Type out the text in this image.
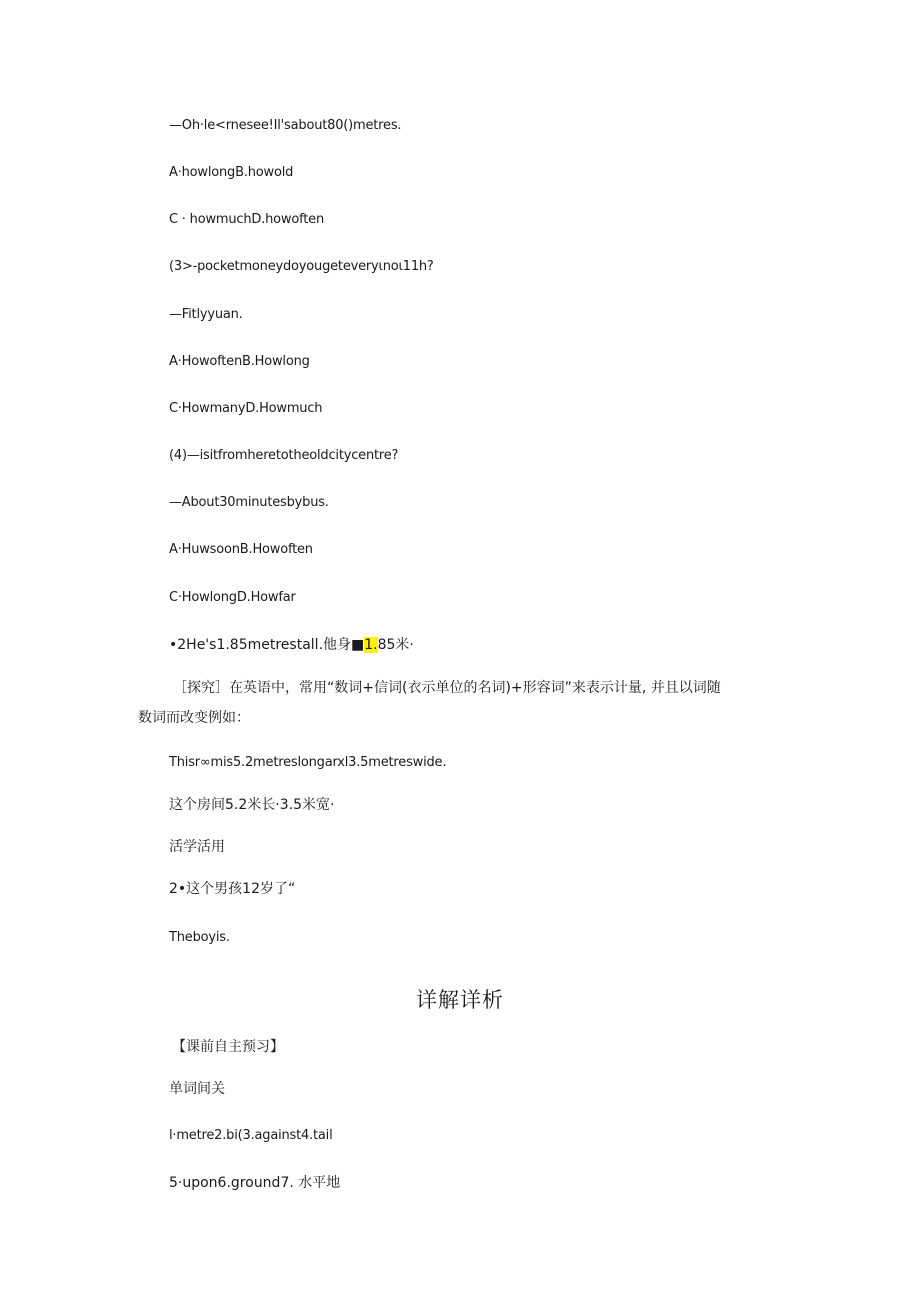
—Oh·le<rnesee!Il'sabout80()metres.
A·howlongB.howold
C · howmuchD.howoften
(3>-pocketmoneydoyougeteveryιnoι11h?
—Fitlyyuan.
A·HowoftenB.Howlong
C·HowmanyD.Howmuch
(4)—isitfromheretotheoldcitycentre?
—About30minutesbybus.
A·HuwsoonB.Howoften
C·HowlongD.Howfar
•2He's1.85metrestall.他身■1.85米·
［探究］在英语中，常用“数词+信词(衣示单位的名词)+形容词”来表示计量, 并且以词随
数词而改变例如：
Thisr∞mis5.2metreslongarxl3.5metreswide.
这个房间5.2米长·3.5米宽·
活学活用
2•这个男孩12岁了“
Theboyis.
详解详析
【课前自主预习】
单词间关
l·metre2.bi(3.against4.tail
5·upon6.ground7. 水平地
